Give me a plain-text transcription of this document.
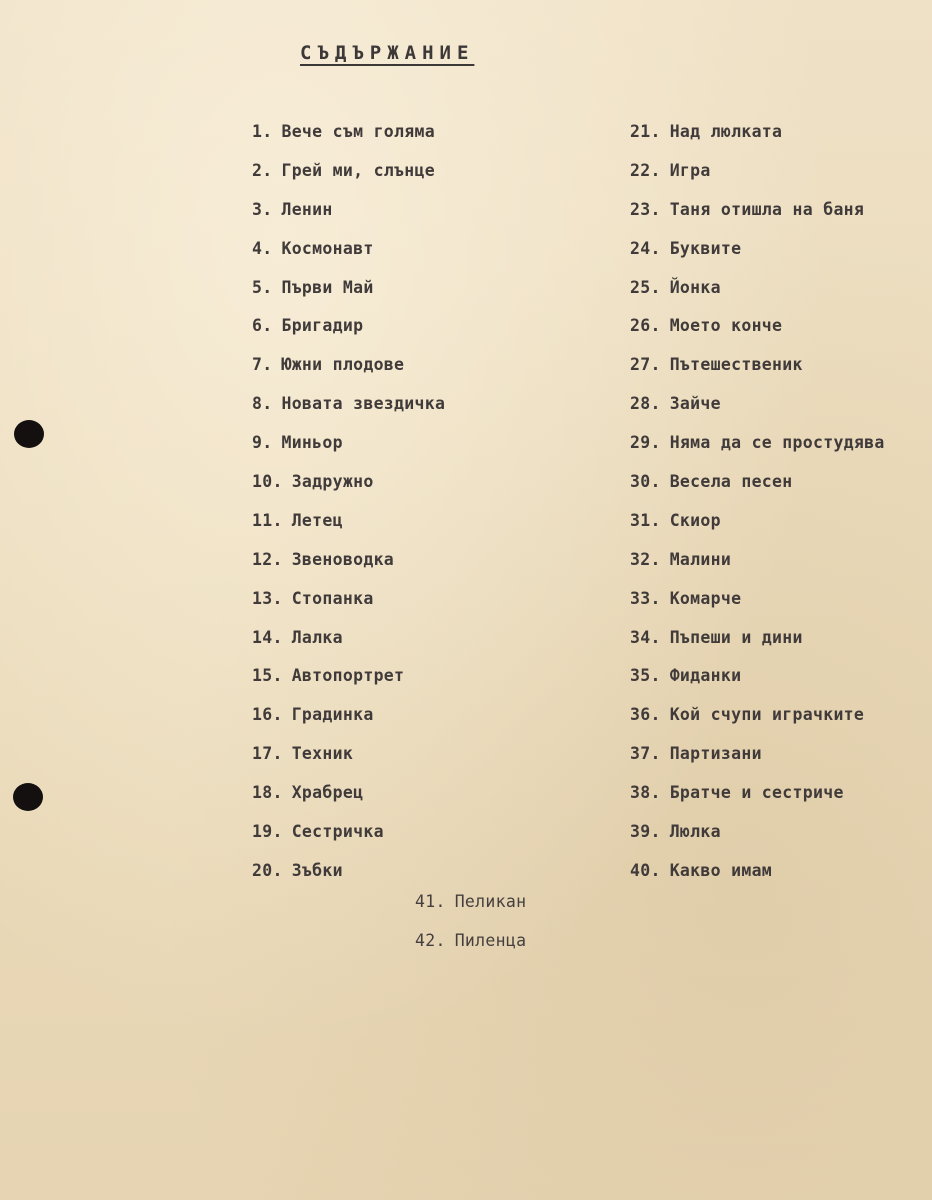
СЪДЪРЖАНИЕ
1. Вече съм голяма
2. Грей ми, слънце
3. Ленин
4. Космонавт
5. Първи Май
6. Бригадир
7. Южни плодове
8. Новата звездичка
9. Миньор
10. Задружно
11. Летец
12. Звеноводка
13. Стопанка
14. Лалка
15. Автопортрет
16. Градинка
17. Техник
18. Храбрец
19. Сестричка
20. Зъбки
21. Над люлката
22. Игра
23. Таня отишла на баня
24. Буквите
25. Йонка
26. Моето конче
27. Пътешественик
28. Зайче
29. Няма да се простудява
30. Весела песен
31. Скиор
32. Малини
33. Комарче
34. Пъпеши и дини
35. Фиданки
36. Кой счупи играчките
37. Партизани
38. Братче и сестриче
39. Люлка
40. Какво имам
41. Пеликан
42. Пиленца
